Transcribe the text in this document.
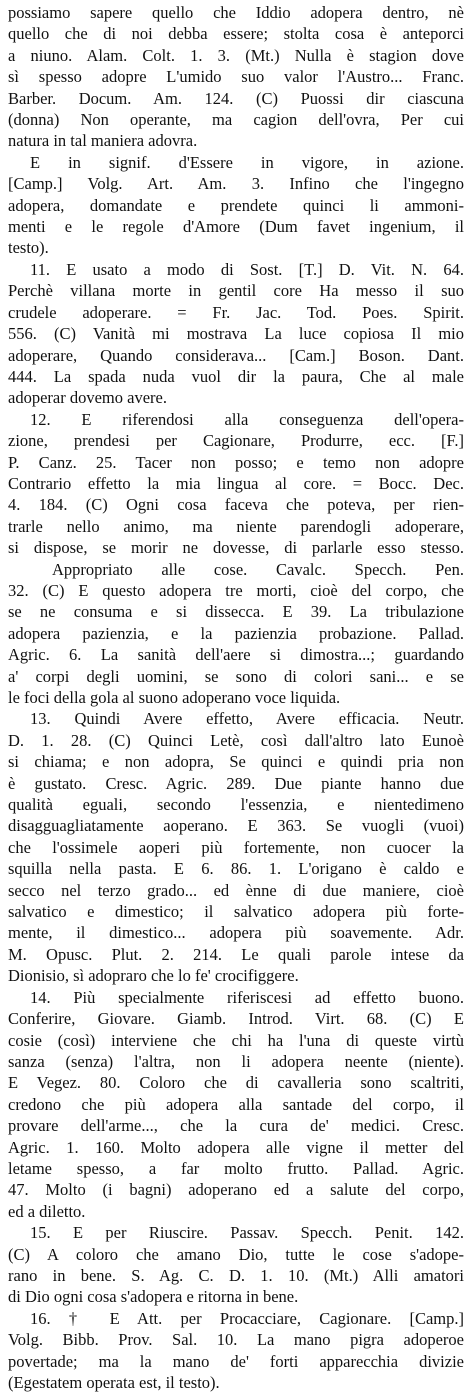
possiamo sapere quello che Iddio adopera dentro, nè
quello che di noi debba essere; stolta cosa è anteporci
a niuno. Alam. Colt. 1. 3. (Mt.) Nulla è stagion dove
sì spesso adopre L'umido suo valor l'Austro... Franc.
Barber. Docum. Am. 124. (C) Puossi dir ciascuna
(donna) Non operante, ma cagion dell'ovra, Per cui
natura in tal maniera adovra.
E in signif. d'Essere in vigore, in azione.
[Camp.] Volg. Art. Am. 3. Infino che l'ingegno
adopera, domandate e prendete quinci li ammoni-
menti e le regole d'Amore (Dum favet ingenium, il
testo).
11. E usato a modo di Sost. [T.] D. Vit. N. 64.
Perchè villana morte in gentil core Ha messo il suo
crudele adoperare. = Fr. Jac. Tod. Poes. Spirit.
556. (C) Vanità mi mostrava La luce copiosa Il mio
adoperare, Quando considerava... [Cam.] Boson. Dant.
444. La spada nuda vuol dir la paura, Che al male
adoperar dovemo avere.
12. E riferendosi alla conseguenza dell'opera-
zione, prendesi per Cagionare, Produrre, ecc. [F.]
P. Canz. 25. Tacer non posso; e temo non adopre
Contrario effetto la mia lingua al core. = Bocc. Dec.
4. 184. (C) Ogni cosa faceva che poteva, per rien-
trarle nello animo, ma niente parendogli adoperare,
si dispose, se morir ne dovesse, di parlarle esso stesso.
Appropriato alle cose. Cavalc. Specch. Pen.
32. (C) E questo adopera tre morti, cioè del corpo, che
se ne consuma e si dissecca. E 39. La tribulazione
adopera pazienzia, e la pazienzia probazione. Pallad.
Agric. 6. La sanità dell'aere si dimostra...; guardando
a' corpi degli uomini, se sono di colori sani... e se
le foci della gola al suono adoperano voce liquida.
13. Quindi Avere effetto, Avere efficacia. Neutr.
D. 1. 28. (C) Quinci Letè, così dall'altro lato Eunoè
si chiama; e non adopra, Se quinci e quindi pria non
è gustato. Cresc. Agric. 289. Due piante hanno due
qualità eguali, secondo l'essenzia, e nientedimeno
disagguagliatamente aoperano. E 363. Se vuogli (vuoi)
che l'ossimele aoperi più fortemente, non cuocer la
squilla nella pasta. E 6. 86. 1. L'origano è caldo e
secco nel terzo grado... ed ènne di due maniere, cioè
salvatico e dimestico; il salvatico adopera più forte-
mente, il dimestico... adopera più soavemente. Adr.
M. Opusc. Plut. 2. 214. Le quali parole intese da
Dionisio, sì adoprarо che lo fe' crocifiggere.
14. Più specialmente riferiscesi ad effetto buono.
Conferire, Giovare. Giamb. Introd. Virt. 68. (C) E
cosie (così) interviene che chi ha l'una di queste virtù
sanza (senza) l'altra, non li adopera neente (niente).
E Vegez. 80. Coloro che di cavalleria sono scaltriti,
credono che più adopera alla santade del corpo, il
provare dell'arme..., che la cura de' medici. Cresc.
Agric. 1. 160. Molto adopera alle vigne il metter del
letame spesso, a far molto frutto. Pallad. Agric.
47. Molto (i bagni) adoperano ed a salute del corpo,
ed a diletto.
15. E per Riuscire. Passav. Specch. Penit. 142.
(C) A coloro che amano Dio, tutte le cose s'adope-
rano in bene. S. Ag. C. D. 1. 10. (Mt.) Alli amatori
di Dio ogni cosa s'adopera e ritorna in bene.
16. † E Att. per Procacciare, Cagionare. [Camp.]
Volg. Bibb. Prov. Sal. 10. La mano pigra adoperoe
povertade; ma la mano de' forti apparecchia divizie
(Egestatem operata est, il testo).
